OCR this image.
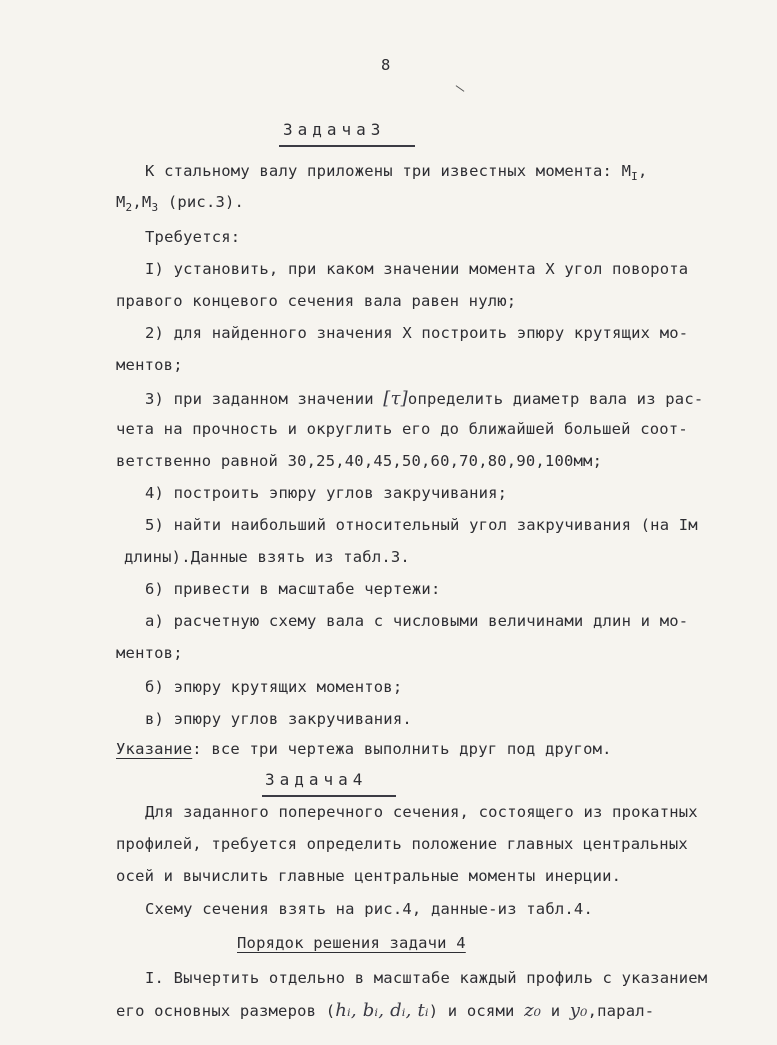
8
Задача3
К стальному валу приложены три известных момента: $M_I$,
$M_2,M_3$ (рис.3).
Требуется:
I) установить, при каком значении момента X угол поворота
правого концевого сечения вала равен нулю;
2) для найденного значения X построить эпюру крутящих мо-
ментов;
3) при заданном значении [τ]определить диаметр вала из рас-
чета на прочность и округлить его до ближайшей большей соот-
ветственно равной 30,25,40,45,50,60,70,80,90,100мм;
4) построить эпюру углов закручивания;
5) найти наибольший относительный угол закручивания (на Iм
длины).Данные взять из табл.3.
6) привести в масштабе чертежи:
а) расчетную схему вала с числовыми величинами длин и мо-
ментов;
б) эпюру крутящих моментов;
в) эпюру углов закручивания.
Указание: все три чертежа выполнить друг под другом.
Задача4
Для заданного поперечного сечения, состоящего из прокатных
профилей, требуется определить положение главных центральных
осей и вычислить главные центральные моменты инерции.
Схему сечения взять на рис.4, данные-из табл.4.
Порядок решения задачи 4
I. Вычертить отдельно в масштабе каждый профиль с указанием
его основных размеров (hᵢ, bᵢ, dᵢ, tᵢ) и осями z₀ и y₀,парал-
